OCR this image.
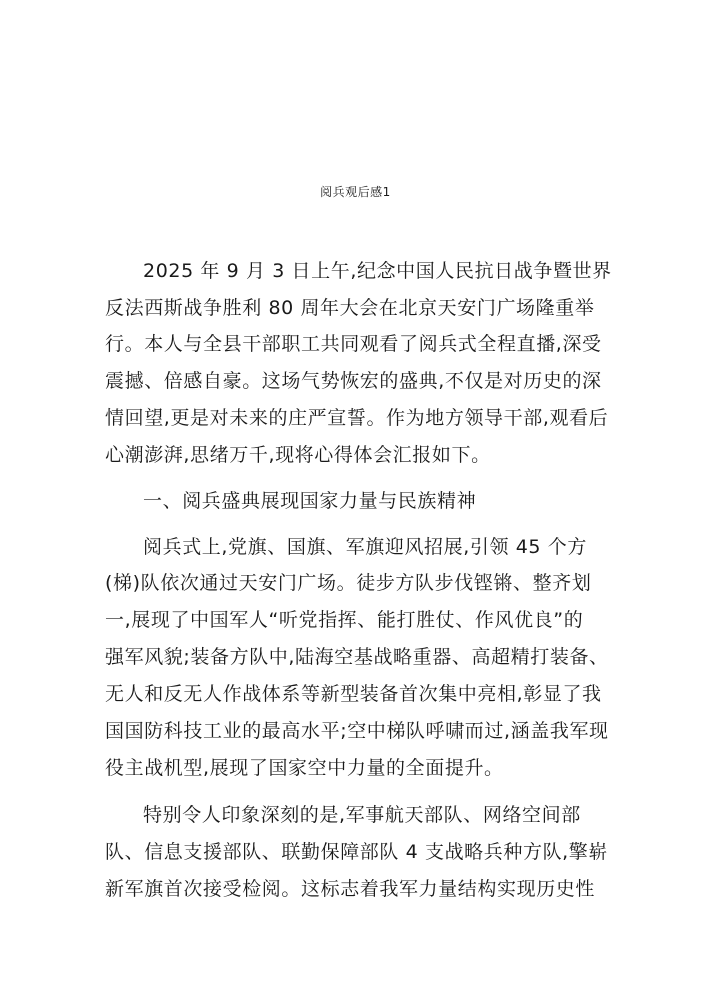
阅兵观后感1
2025 年 9 月 3 日上午,纪念中国人民抗日战争暨世界
反法西斯战争胜利 80 周年大会在北京天安门广场隆重举
行。本人与全县干部职工共同观看了阅兵式全程直播,深受
震撼、倍感自豪。这场气势恢宏的盛典,不仅是对历史的深
情回望,更是对未来的庄严宣誓。作为地方领导干部,观看后
心潮澎湃,思绪万千,现将心得体会汇报如下。
一、阅兵盛典展现国家力量与民族精神
阅兵式上,党旗、国旗、军旗迎风招展,引领 45 个方
(梯)队依次通过天安门广场。徒步方队步伐铿锵、整齐划
一,展现了中国军人“听党指挥、能打胜仗、作风优良”的
强军风貌;装备方队中,陆海空基战略重器、高超精打装备、
无人和反无人作战体系等新型装备首次集中亮相,彰显了我
国国防科技工业的最高水平;空中梯队呼啸而过,涵盖我军现
役主战机型,展现了国家空中力量的全面提升。
特别令人印象深刻的是,军事航天部队、网络空间部
队、信息支援部队、联勤保障部队 4 支战略兵种方队,擎崭
新军旗首次接受检阅。这标志着我军力量结构实现历史性
